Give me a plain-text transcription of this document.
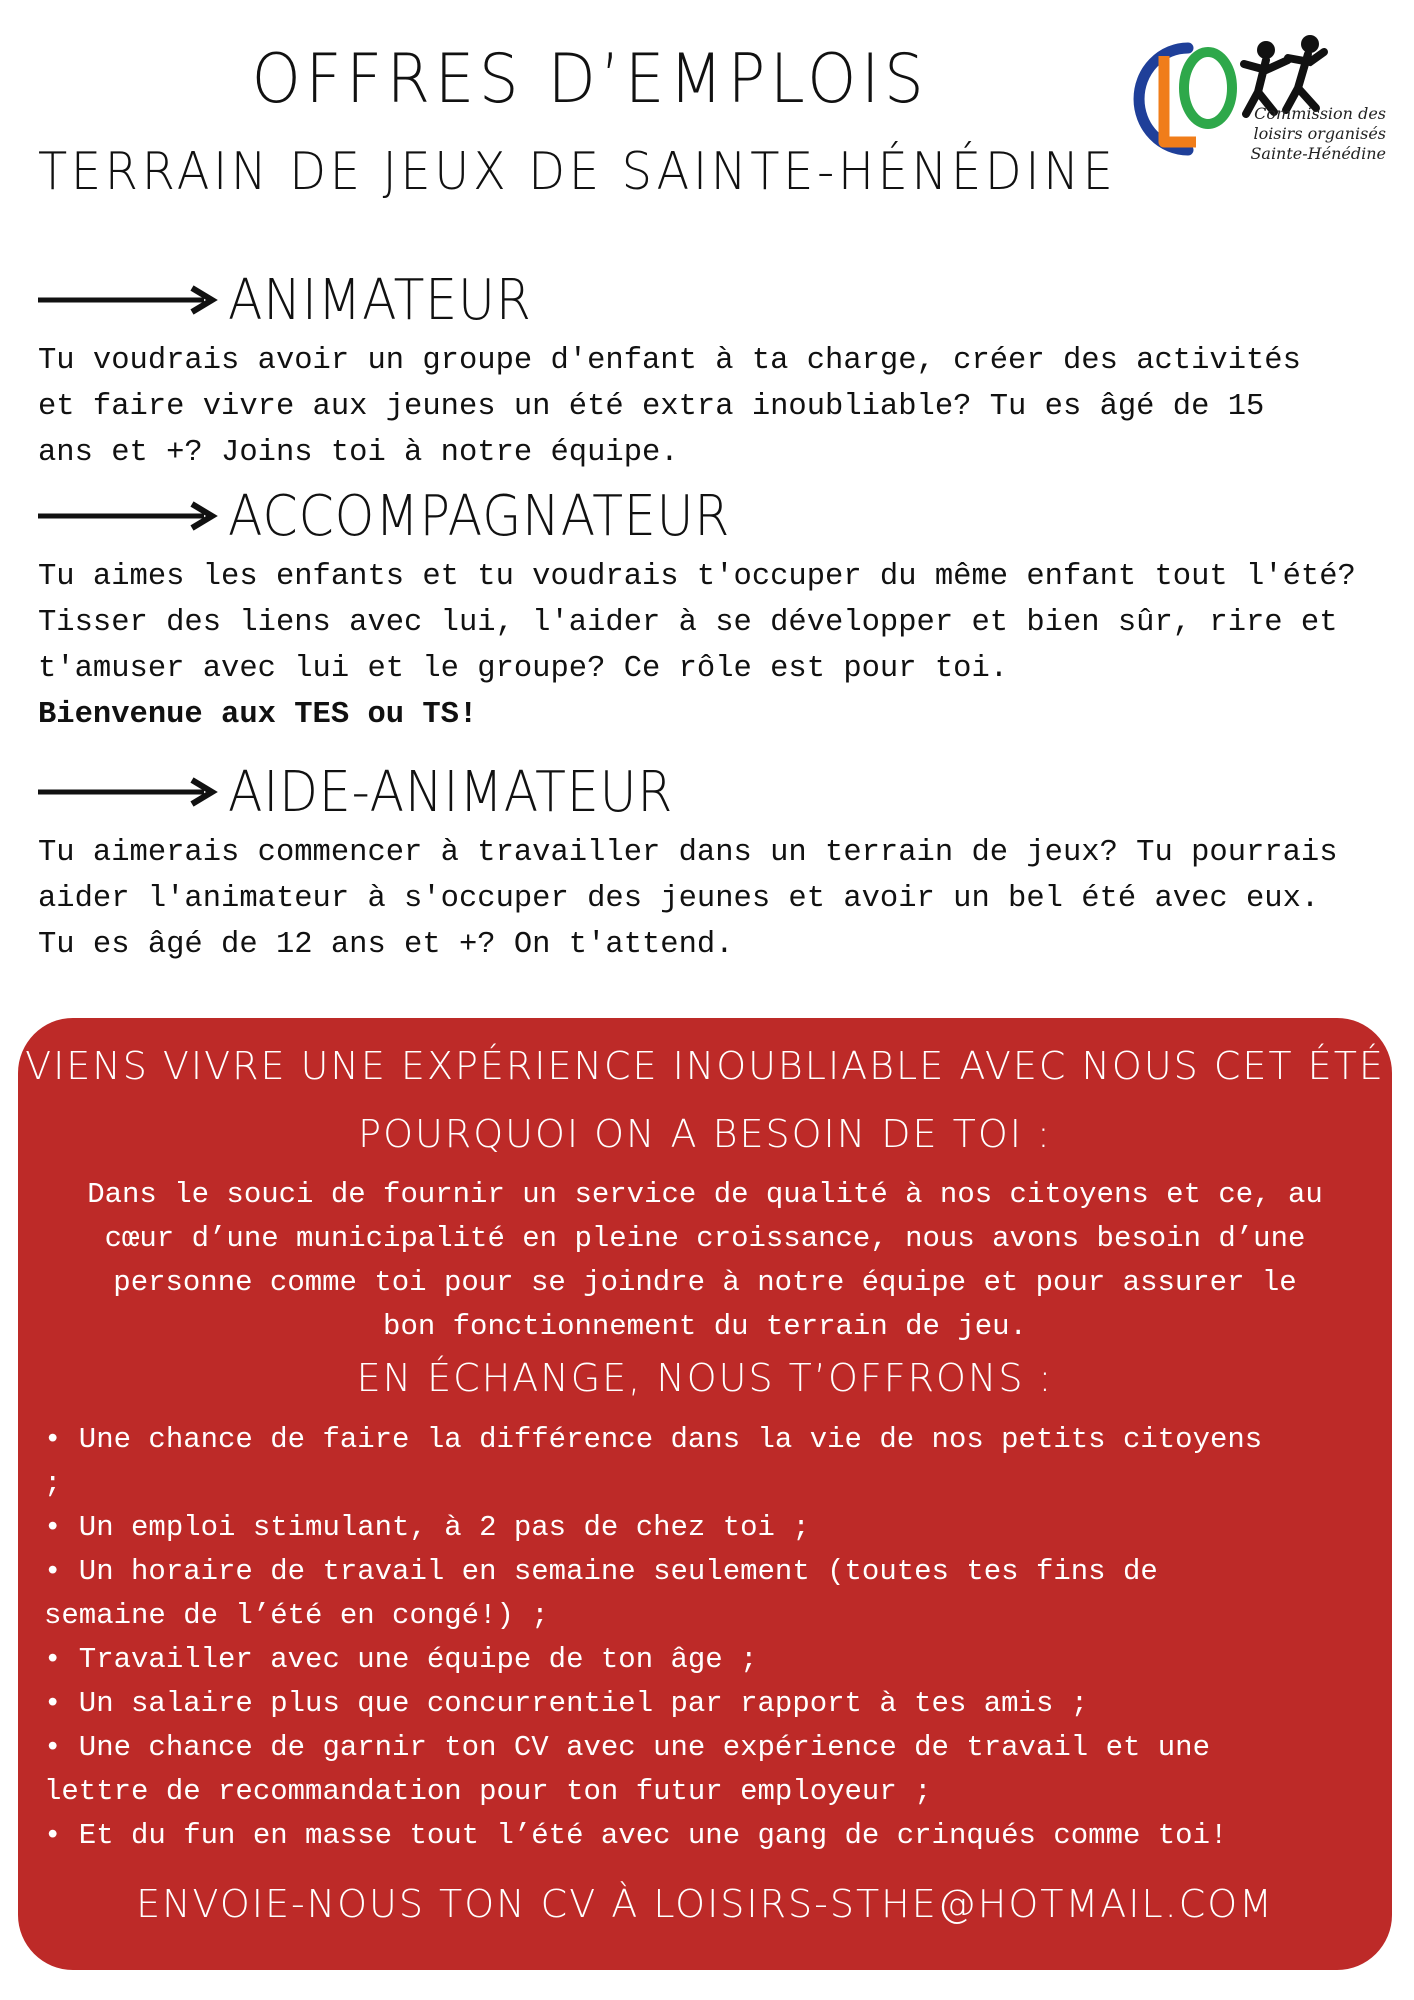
OFFRES D’EMPLOIS
TERRAIN DE JEUX DE SAINTE-HÉNÉDINE
Commission des
loisirs organisés
Sainte-Hénédine
ANIMATEUR

Tu voudrais avoir un groupe d'enfant à ta charge, créer des activités

et faire vivre aux jeunes un été extra inoubliable? Tu es âgé de 15

ans et +? Joins toi à notre équipe.

ACCOMPAGNATEUR

Tu aimes les enfants et tu voudrais t'occuper du même enfant tout l'été?

Tisser des liens avec lui, l'aider à se développer et bien sûr, rire et

t'amuser avec lui et le groupe? Ce rôle est pour toi.

Bienvenue aux TES ou TS!

AIDE-ANIMATEUR

Tu aimerais commencer à travailler dans un terrain de jeux? Tu pourrais

aider l'animateur à s'occuper des jeunes et avoir un bel été avec eux.

Tu es âgé de 12 ans et +? On t'attend.

VIENS VIVRE UNE EXPÉRIENCE INOUBLIABLE AVEC NOUS CET ÉTÉ
POURQUOI ON A BESOIN DE TOI :

Dans le souci de fournir un service de qualité à nos citoyens et ce, au

cœur d’une municipalité en pleine croissance, nous avons besoin d’une

personne comme toi pour se joindre à notre équipe et pour assurer le

bon fonctionnement du terrain de jeu.

EN ÉCHANGE, NOUS T’OFFRONS :
• Une chance de faire la différence dans la vie de nos petits citoyens
;
• Un emploi stimulant, à 2 pas de chez toi ;
• Un horaire de travail en semaine seulement (toutes tes fins de
semaine de l’été en congé!) ;
• Travailler avec une équipe de ton âge ;
• Un salaire plus que concurrentiel par rapport à tes amis ;
• Une chance de garnir ton CV avec une expérience de travail et une
lettre de recommandation pour ton futur employeur ;
• Et du fun en masse tout l’été avec une gang de crinqués comme toi!
ENVOIE-NOUS TON CV À LOISIRS-STHE@HOTMAIL.COM
